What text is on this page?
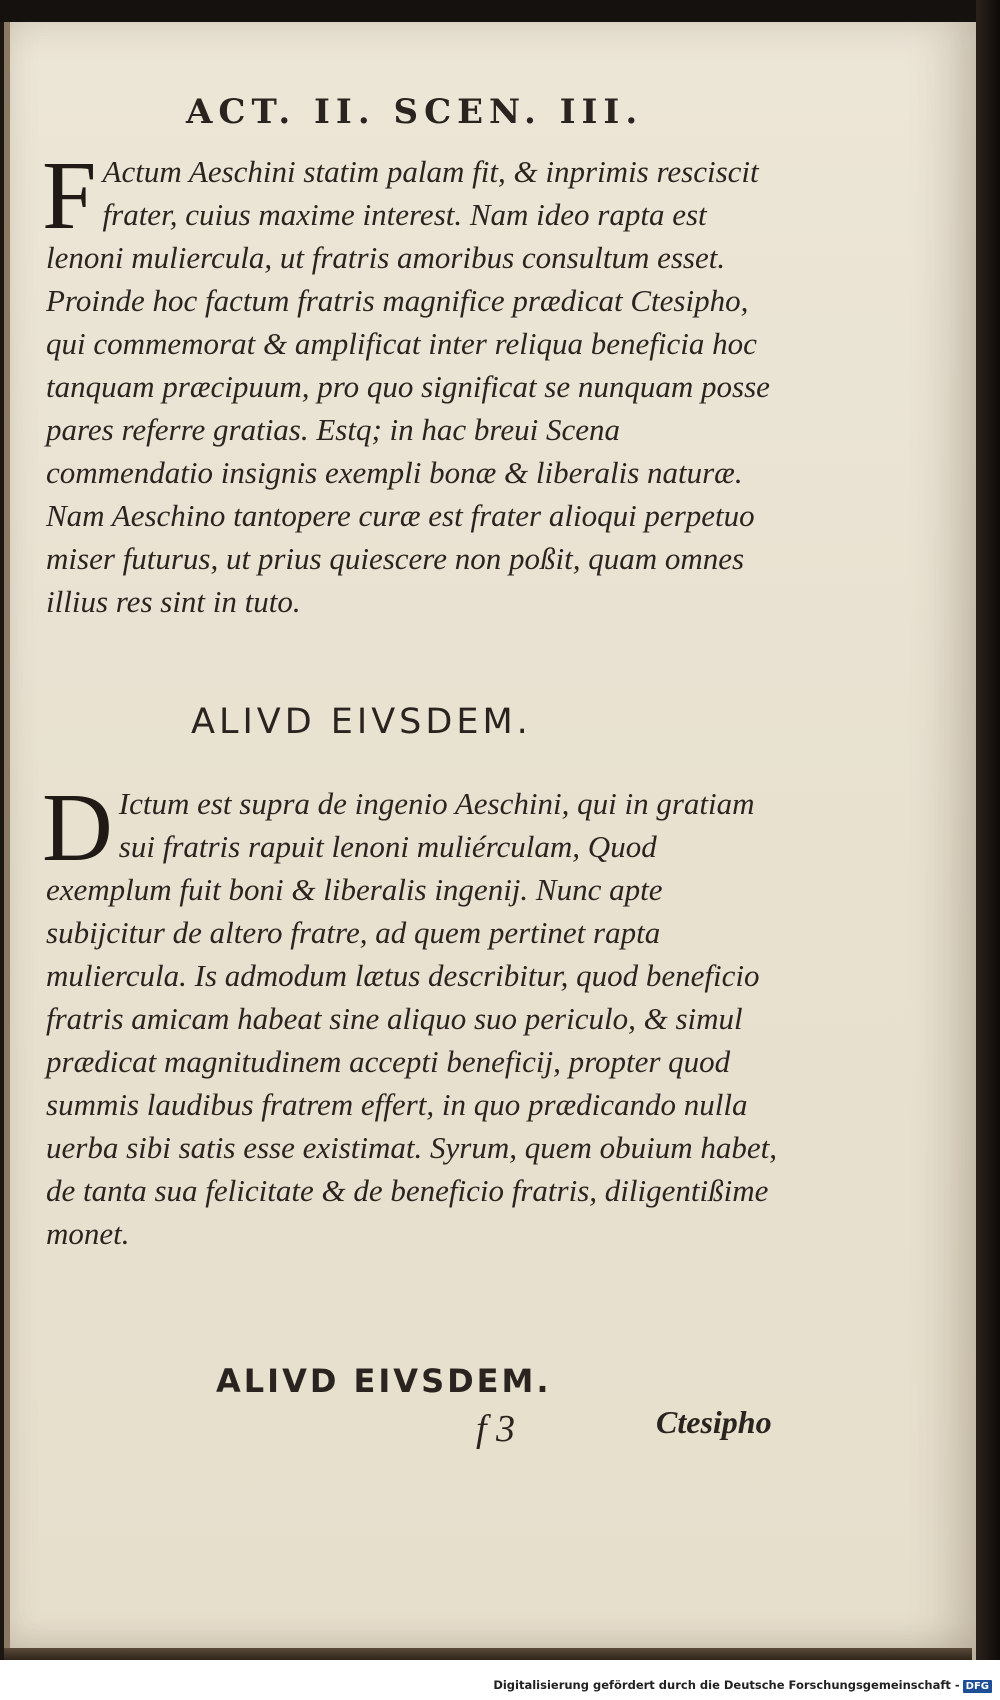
ACT. II. SCEN. III.

F Actum Aeschini statim palam fit, & inprimis resciscit frater, cuius maxime interest. Nam ideo rapta est lenoni muliercula, ut fratris amoribus consultum esset. Proinde hoc factum fratris magnifice prædicat Ctesipho, qui commemorat & amplificat inter reliqua beneficia hoc tanquam præcipuum, pro quo significat se nunquam posse pares referre gratias. Estq; in hac breui Scena commendatio insignis exempli bonæ & liberalis naturæ. Nam Aeschino tantopere curæ est frater alioqui perpetuo miser futurus, ut prius quiescere non poßit, quam omnes illius res sint in tuto.

ALIVD EIVSDEM.

D Ictum est supra de ingenio Aeschini, qui in gratiam sui fratris rapuit lenoni muliérculam, Quod exemplum fuit boni & liberalis ingenij. Nunc apte subijcitur de altero fratre, ad quem pertinet rapta muliercula. Is admodum lætus describitur, quod beneficio fratris amicam habeat sine aliquo suo periculo, & simul prædicat magnitudinem accepti beneficij, propter quod summis laudibus fratrem effert, in quo prædicando nulla uerba sibi satis esse existimat. Syrum, quem obuium habet, de tanta sua felicitate & de beneficio fratris, diligentißime monet.

ALIVD EIVSDEM.
f 3	Ctesipho
Digitalisierung gefördert durch die Deutsche Forschungsgemeinschaft - DFG
